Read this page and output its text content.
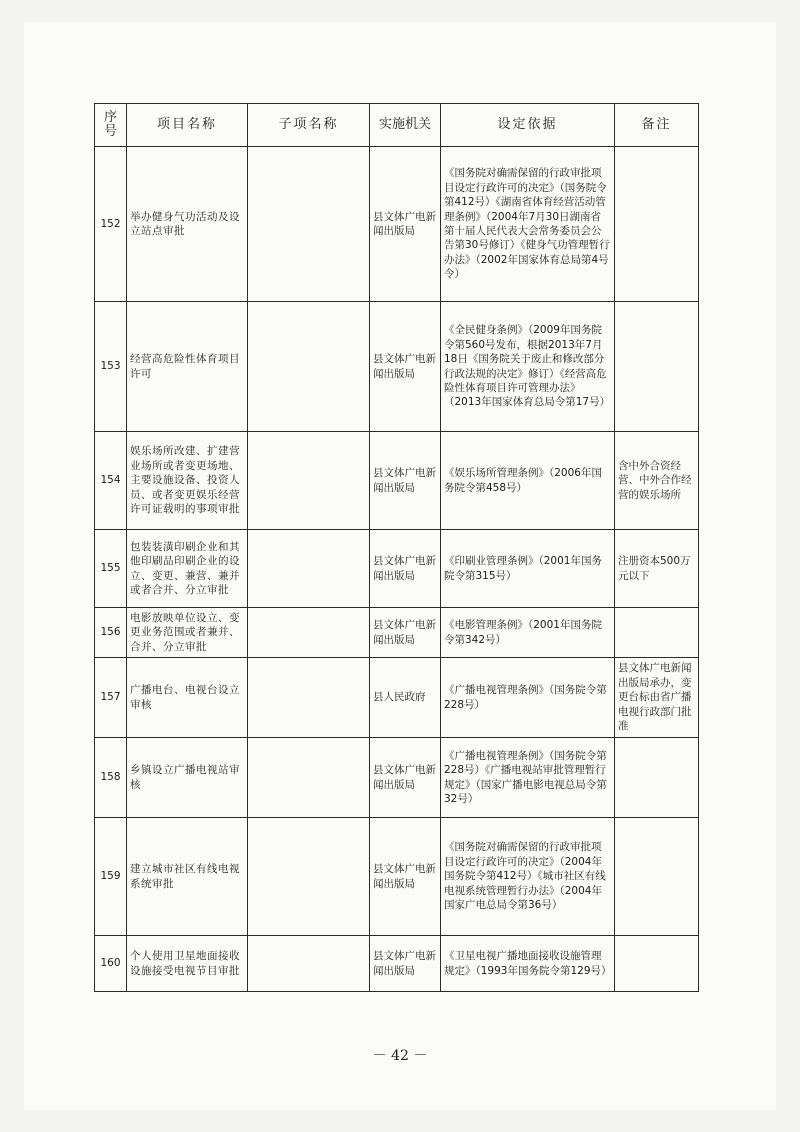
序号	项目名称	子项名称	实施机关	设定依据	备注
152	举办健身气功活动及设立站点审批		县文体广电新闻出版局	《国务院对确需保留的行政审批项目设定行政许可的决定》（国务院令第412号）《湖南省体育经营活动管理条例》（2004年7月30日湖南省第十届人民代表大会常务委员会公告第30号修订）《健身气功管理暂行办法》（2002年国家体育总局第4号令）	
153	经营高危险性体育项目许可		县文体广电新闻出版局	《全民健身条例》（2009年国务院令第560号发布，根据2013年7月18日《国务院关于废止和修改部分行政法规的决定》修订）《经营高危险性体育项目许可管理办法》（2013年国家体育总局令第17号）	
154	娱乐场所改建、扩建营业场所或者变更场地、主要设施设备、投资人员、或者变更娱乐经营许可证载明的事项审批		县文体广电新闻出版局	《娱乐场所管理条例》（2006年国务院令第458号）	含中外合资经营、中外合作经营的娱乐场所
155	包装装潢印刷企业和其他印刷品印刷企业的设立、变更、兼营、兼并或者合并、分立审批		县文体广电新闻出版局	《印刷业管理条例》（2001年国务院令第315号）	注册资本500万元以下
156	电影放映单位设立、变更业务范围或者兼并、合并、分立审批		县文体广电新闻出版局	《电影管理条例》（2001年国务院令第342号）	
157	广播电台、电视台设立审核		县人民政府	《广播电视管理条例》（国务院令第228号）	县文体广电新闻出版局承办，变更台标由省广播电视行政部门批准
158	乡镇设立广播电视站审核		县文体广电新闻出版局	《广播电视管理条例》（国务院令第228号）《广播电视站审批管理暂行规定》（国家广播电影电视总局令第32号）	
159	建立城市社区有线电视系统审批		县文体广电新闻出版局	《国务院对确需保留的行政审批项目设定行政许可的决定》（2004年国务院令第412号）《城市社区有线电视系统管理暂行办法》（2004年国家广电总局令第36号）	
160	个人使用卫星地面接收设施接受电视节目审批		县文体广电新闻出版局	《卫星电视广播地面接收设施管理规定》（1993年国务院令第129号）	
－ 42 －
